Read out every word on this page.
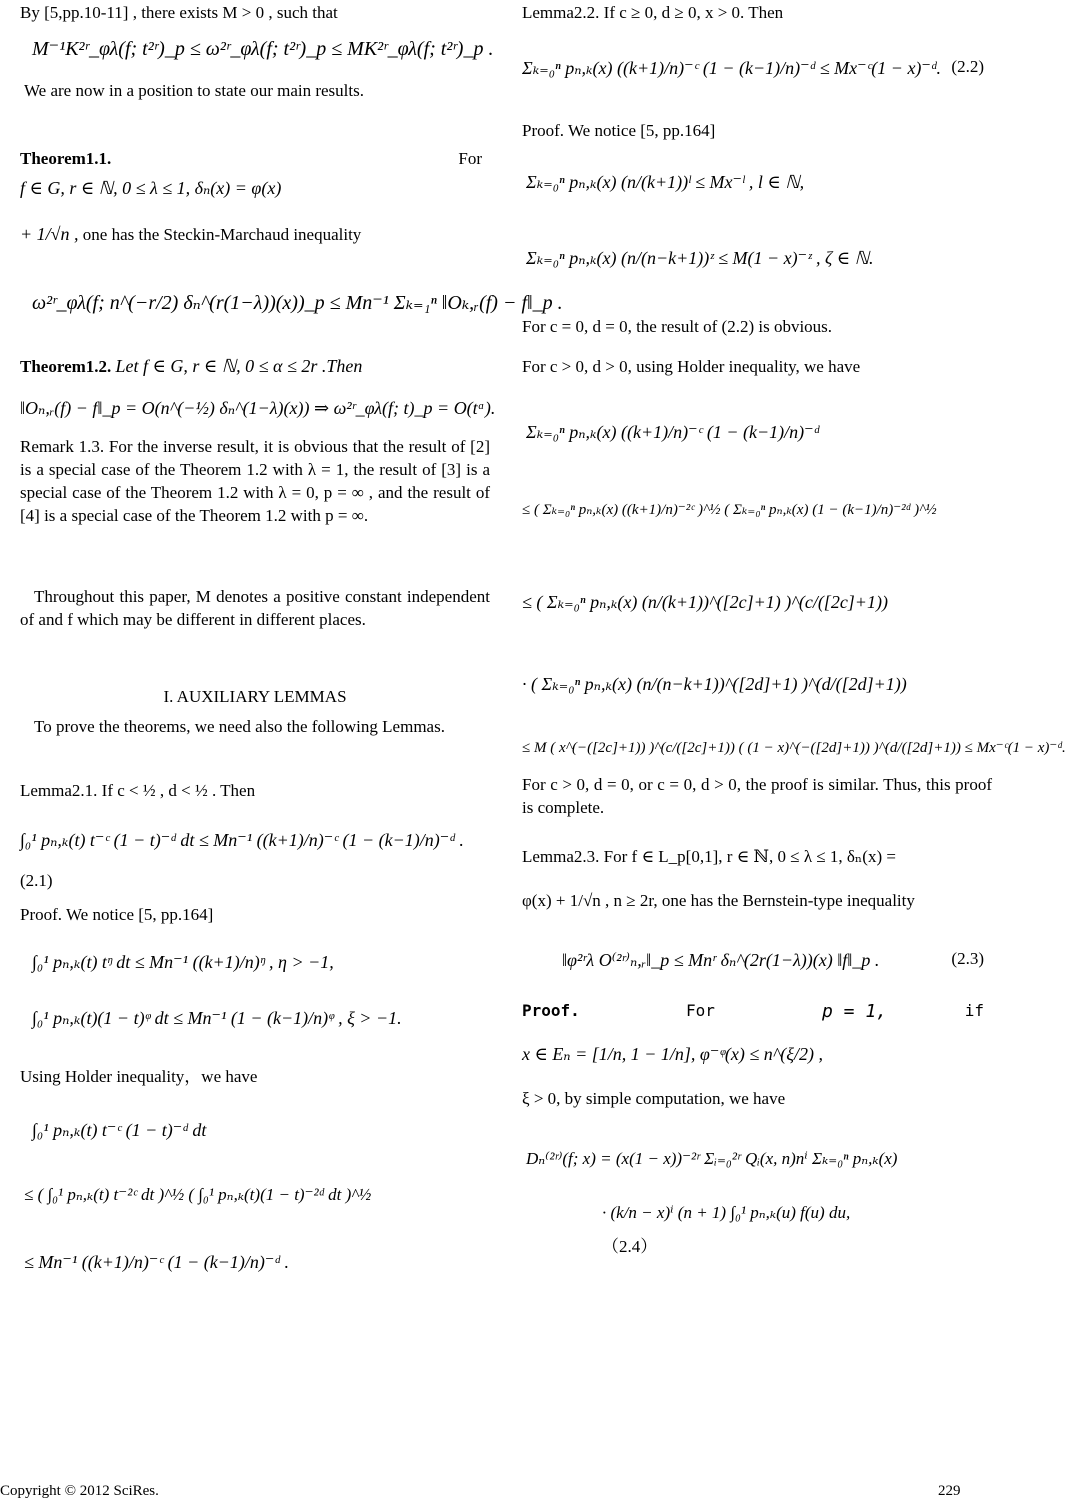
By [5,pp.10-11] , there exists M > 0 , such that
M⁻¹K²ʳ_φλ(f; t²ʳ)_p ≤ ω²ʳ_φλ(f; t²ʳ)_p ≤ MK²ʳ_φλ(f; t²ʳ)_p .
We are now in a position to state our main results.
Theorem1.1.	For
f ∈ G, r ∈ ℕ, 0 ≤ λ ≤ 1, δₙ(x) = φ(x)
+ 1/√n , one has the Steckin-Marchaud inequality
ω²ʳ_φλ(f; n^(−r/2) δₙ^(r(1−λ))(x))_p ≤ Mn⁻¹ Σₖ₌₁ⁿ ‖Oₖ,ᵣ(f) − f‖_p .
Theorem1.2. Let f ∈ G, r ∈ ℕ, 0 ≤ α ≤ 2r .Then
‖Oₙ,ᵣ(f) − f‖_p = O(n^(−½) δₙ^(1−λ)(x)) ⇒ ω²ʳ_φλ(f; t)_p = O(tᵅ).
Remark 1.3. For the inverse result, it is obvious that the result of [2] is a special case of the Theorem 1.2 with λ = 1, the result of [3] is a special case of the Theorem 1.2 with λ = 0, p = ∞ , and the result of [4] is a special case of the Theorem 1.2 with p = ∞.
Throughout this paper, M denotes a positive constant independent of and f which may be different in different places.
I. AUXILIARY LEMMAS
To prove the theorems, we need also the following Lemmas.
Lemma2.1. If c < ½ , d < ½ . Then
∫₀¹ pₙ,ₖ(t) t⁻ᶜ (1 − t)⁻ᵈ dt ≤ Mn⁻¹ ((k+1)/n)⁻ᶜ (1 − (k−1)/n)⁻ᵈ .
(2.1)
Proof. We notice [5, pp.164]
∫₀¹ pₙ,ₖ(t) tᵑ dt ≤ Mn⁻¹ ((k+1)/n)ᵑ , η > −1,
∫₀¹ pₙ,ₖ(t)(1 − t)ᵠ dt ≤ Mn⁻¹ (1 − (k−1)/n)ᵠ , ξ > −1.
Using Holder inequality，we have
∫₀¹ pₙ,ₖ(t) t⁻ᶜ (1 − t)⁻ᵈ dt
≤ ( ∫₀¹ pₙ,ₖ(t) t⁻²ᶜ dt )^½ ( ∫₀¹ pₙ,ₖ(t)(1 − t)⁻²ᵈ dt )^½
≤ Mn⁻¹ ((k+1)/n)⁻ᶜ (1 − (k−1)/n)⁻ᵈ .
Lemma2.2. If c ≥ 0, d ≥ 0, x > 0. Then
Σₖ₌₀ⁿ pₙ,ₖ(x) ((k+1)/n)⁻ᶜ (1 − (k−1)/n)⁻ᵈ ≤ Mx⁻ᶜ(1 − x)⁻ᵈ. (2.2)
Proof. We notice [5, pp.164]
Σₖ₌₀ⁿ pₙ,ₖ(x) (n/(k+1))ˡ ≤ Mx⁻ˡ , l ∈ ℕ,
Σₖ₌₀ⁿ pₙ,ₖ(x) (n/(n−k+1))ᶻ ≤ M(1 − x)⁻ᶻ , ζ ∈ ℕ.
For c = 0, d = 0, the result of (2.2) is obvious.
For c > 0, d > 0, using Holder inequality, we have
Σₖ₌₀ⁿ pₙ,ₖ(x) ((k+1)/n)⁻ᶜ (1 − (k−1)/n)⁻ᵈ
≤ ( Σₖ₌₀ⁿ pₙ,ₖ(x) ((k+1)/n)⁻²ᶜ )^½ ( Σₖ₌₀ⁿ pₙ,ₖ(x) (1 − (k−1)/n)⁻²ᵈ )^½
≤ ( Σₖ₌₀ⁿ pₙ,ₖ(x) (n/(k+1))^([2c]+1) )^(c/([2c]+1))
· ( Σₖ₌₀ⁿ pₙ,ₖ(x) (n/(n−k+1))^([2d]+1) )^(d/([2d]+1))
≤ M ( x^(−([2c]+1)) )^(c/([2c]+1)) ( (1 − x)^(−([2d]+1)) )^(d/([2d]+1)) ≤ Mx⁻ᶜ(1 − x)⁻ᵈ.
For c > 0, d = 0, or c = 0, d > 0, the proof is similar. Thus, this proof is complete.
Lemma2.3. For f ∈ L_p[0,1], r ∈ ℕ, 0 ≤ λ ≤ 1, δₙ(x) =
φ(x) + 1/√n , n ≥ 2r, one has the Bernstein-type inequality
‖φ²ʳλ O⁽²ʳ⁾ₙ,ᵣ‖_p ≤ Mnʳ δₙ^(2r(1−λ))(x) ‖f‖_p .	(2.3)
Proof.	For	p = 1,	if
x ∈ Eₙ = [1/n, 1 − 1/n], φ⁻ᵠ(x) ≤ n^(ξ/2) ,
ξ > 0, by simple computation, we have
Dₙ⁽²ʳ⁾(f; x) = (x(1 − x))⁻²ʳ Σᵢ₌₀²ʳ Qᵢ(x, n)nⁱ Σₖ₌₀ⁿ pₙ,ₖ(x)
· (k/n − x)ⁱ (n + 1) ∫₀¹ pₙ,ₖ(u) f(u) du,
（2.4）
Copyright © 2012 SciRes.	229
